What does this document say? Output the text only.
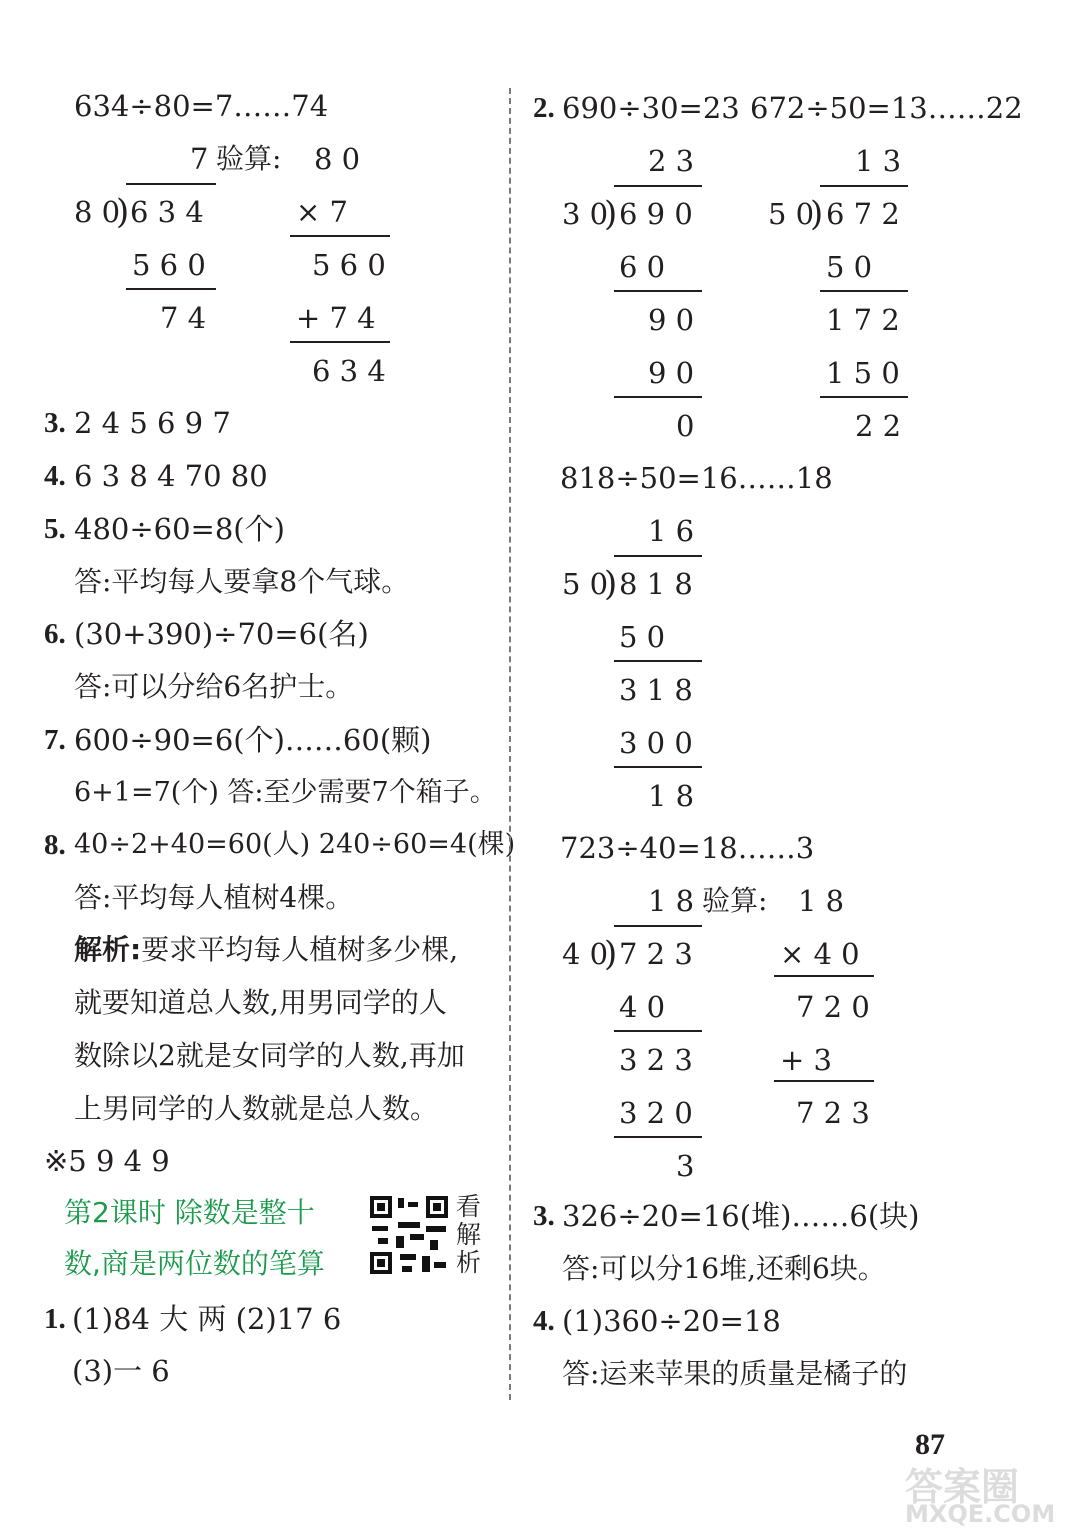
634÷80=7……74
7 验算: 8 0
8 0
) 6 3 4	× 7
5 6 0	5 6 0
7 4	+ 7 4
6 3 4
3. 2 4 5 6 9 7
4. 6 3 8 4 70 80
5. 480÷60=8(个)
答:平均每人要拿8个气球。
6. (30+390)÷70=6(名)
答:可以分给6名护士。
7. 600÷90=6(个)……60(颗)
6+1=7(个) 答:至少需要7个箱子。
8. 40÷2+40=60(人) 240÷60=4(棵)
答:平均每人植树4棵。
解析:要求平均每人植树多少棵,
就要知道总人数,用男同学的人
数除以2就是女同学的人数,再加
上男同学的人数就是总人数。
※5 9 4 9
第2课时 除数是整十
数,商是两位数的笔算
看解析
1. (1)84 大 两 (2)17 6
(3)一 6
2. 690÷30=23 672÷50=13……22
2 3
3 0
) 6 9 0
6 0
9 0
9 0
0
1 3
5 0
) 6 7 2
5 0
1 7 2
1 5 0
2 2
818÷50=16……18
1 6
5 0
) 8 1 8
5 0
3 1 8
3 0 0
1 8
723÷40=18……3
1 8 验算: 1 8
4 0
) 7 2 3	× 4 0
4 0	7 2 0
3 2 3	+ 3
3 2 0	7 2 3
3
3. 326÷20=16(堆)……6(块)
答:可以分16堆,还剩6块。
4. (1)360÷20=18
答:运来苹果的质量是橘子的
87
答案圈
MXQE.COM
